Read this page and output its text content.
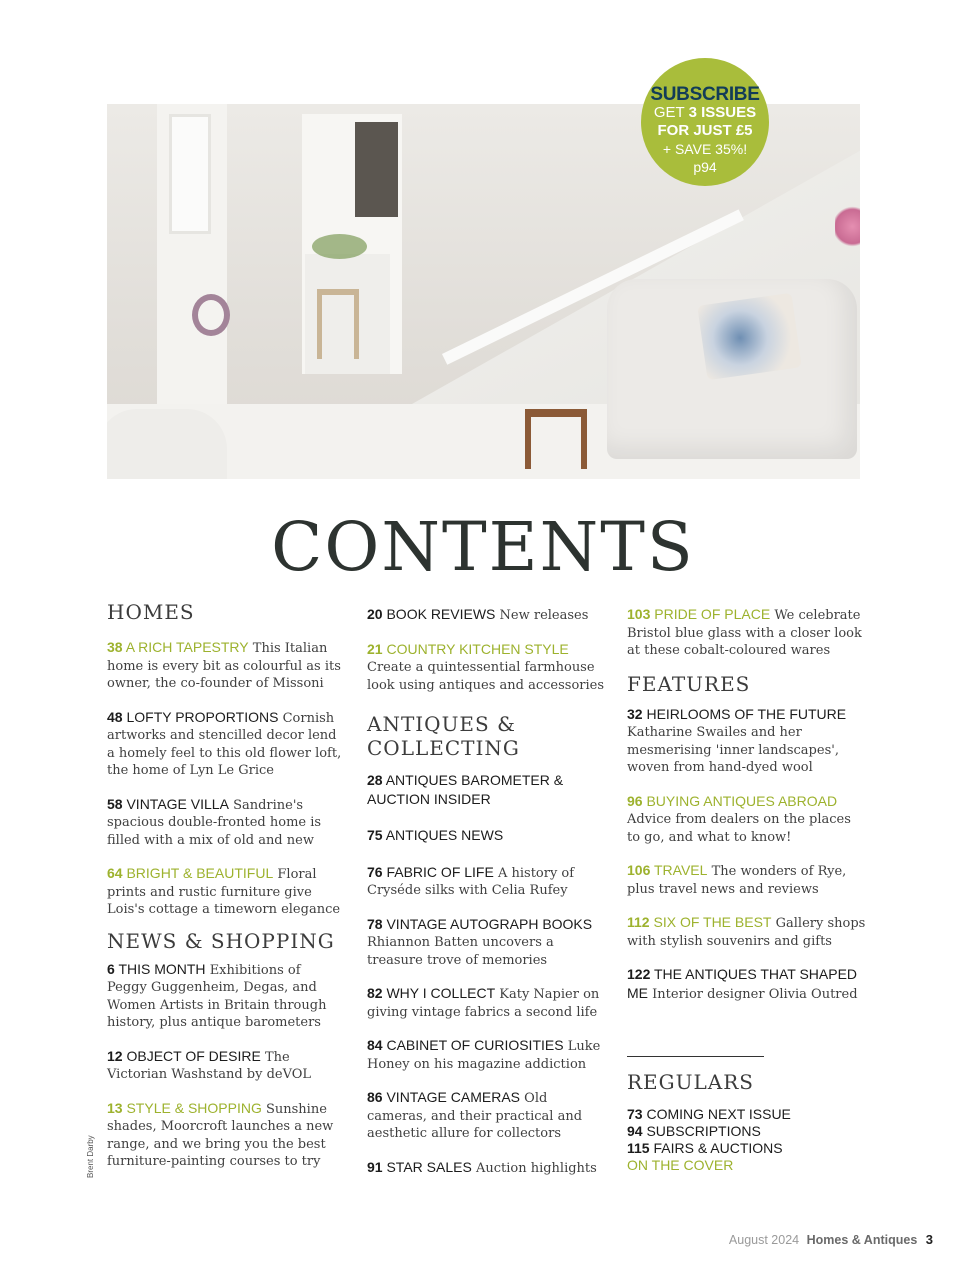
SUBSCRIBE
GET 3 ISSUES
FOR JUST £5
+ SAVE 35%!
p94
CONTENTS
HOMES
38 A RICH TAPESTRY This Italian home is every bit as colourful as its owner, the co-founder of Missoni
48 LOFTY PROPORTIONS Cornish artworks and stencilled decor lend a homely feel to this old flower loft, the home of Lyn Le Grice
58 VINTAGE VILLA Sandrine's spacious double-fronted home is filled with a mix of old and new
64 BRIGHT & BEAUTIFUL Floral prints and rustic furniture give Lois's cottage a timeworn elegance
NEWS & SHOPPING
6 THIS MONTH Exhibitions of Peggy Guggenheim, Degas, and Women Artists in Britain through history, plus antique barometers
12 OBJECT OF DESIRE The Victorian Washstand by deVOL
13 STYLE & SHOPPING Sunshine shades, Moorcroft launches a new range, and we bring you the best furniture-painting courses to try
20 BOOK REVIEWS New releases
21 COUNTRY KITCHEN STYLE
Create a quintessential farmhouse look using antiques and accessories
ANTIQUES &
COLLECTING
28 ANTIQUES BAROMETER & AUCTION INSIDER
75 ANTIQUES NEWS
76 FABRIC OF LIFE A history of Cryséde silks with Celia Rufey
78 VINTAGE AUTOGRAPH BOOKS
Rhiannon Batten uncovers a treasure trove of memories
82 WHY I COLLECT Katy Napier on giving vintage fabrics a second life
84 CABINET OF CURIOSITIES Luke Honey on his magazine addiction
86 VINTAGE CAMERAS Old cameras, and their practical and aesthetic allure for collectors
91 STAR SALES Auction highlights
103 PRIDE OF PLACE We celebrate Bristol blue glass with a closer look at these cobalt-coloured wares
FEATURES
32 HEIRLOOMS OF THE FUTURE
Katharine Swailes and her mesmerising 'inner landscapes', woven from hand-dyed wool
96 BUYING ANTIQUES ABROAD
Advice from dealers on the places to go, and what to know!
106 TRAVEL The wonders of Rye, plus travel news and reviews
112 SIX OF THE BEST Gallery shops with stylish souvenirs and gifts
122 THE ANTIQUES THAT SHAPED ME Interior designer Olivia Outred
REGULARS
73 COMING NEXT ISSUE
94 SUBSCRIPTIONS
115 FAIRS & AUCTIONS
ON THE COVER
Brent Darby
August 2024 Homes & Antiques 3
